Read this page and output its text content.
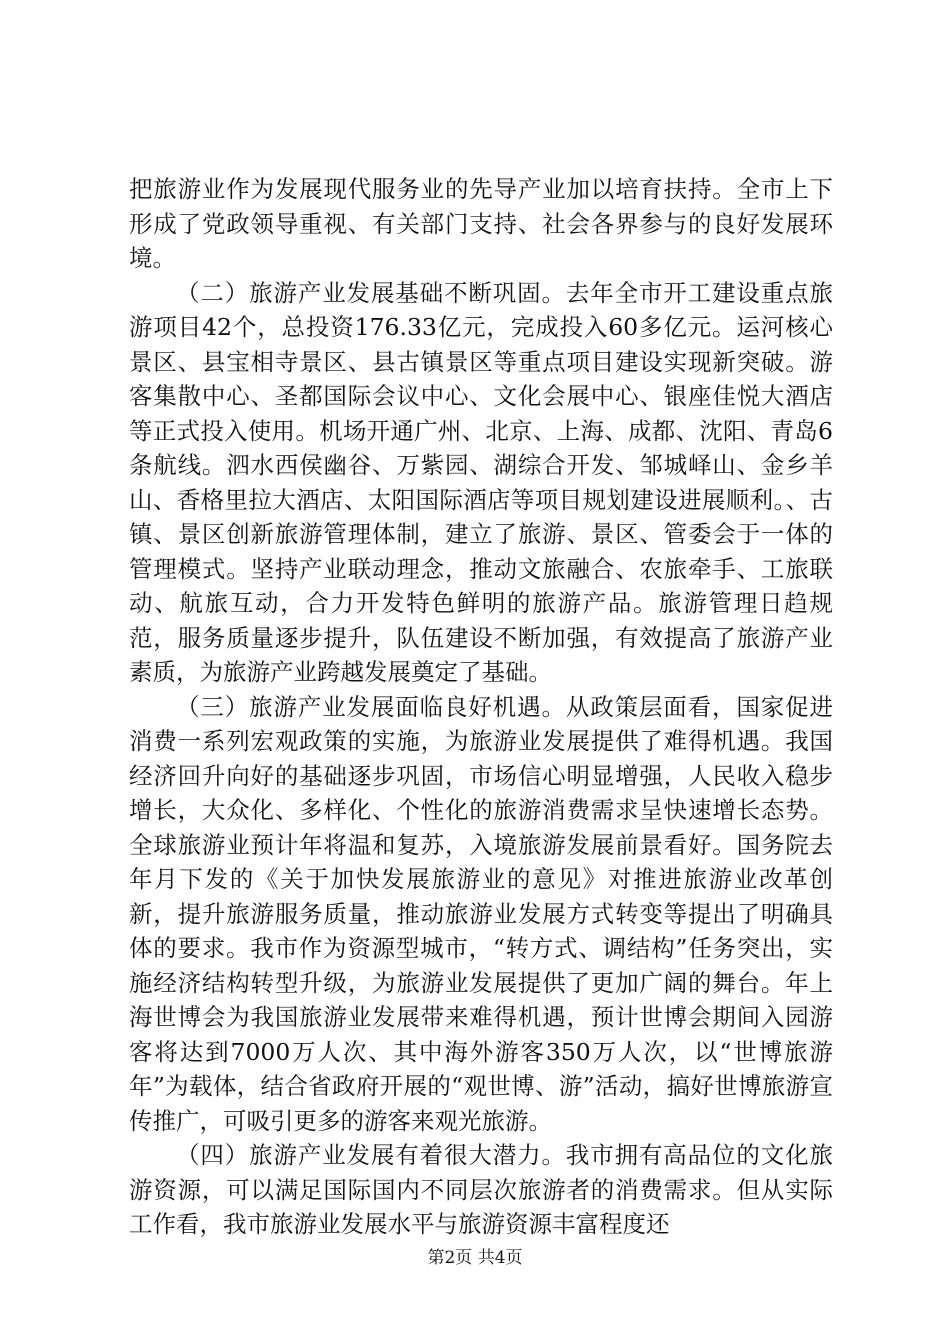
把旅游业作为发展现代服务业的先导产业加以培育扶持。全市上下形成了党政领导重视、有关部门支持、社会各界参与的良好发展环境。

（二）旅游产业发展基础不断巩固。去年全市开工建设重点旅游项目42个，总投资176.33亿元，完成投入60多亿元。运河核心景区、县宝相寺景区、县古镇景区等重点项目建设实现新突破。游客集散中心、圣都国际会议中心、文化会展中心、银座佳悦大酒店等正式投入使用。机场开通广州、北京、上海、成都、沈阳、青岛6条航线。泗水西侯幽谷、万紫园、湖综合开发、邹城峄山、金乡羊山、香格里拉大酒店、太阳国际酒店等项目规划建设进展顺利。、古镇、景区创新旅游管理体制，建立了旅游、景区、管委会于一体的管理模式。坚持产业联动理念，推动文旅融合、农旅牵手、工旅联动、航旅互动，合力开发特色鲜明的旅游产品。旅游管理日趋规范，服务质量逐步提升，队伍建设不断加强，有效提高了旅游产业素质，为旅游产业跨越发展奠定了基础。

（三）旅游产业发展面临良好机遇。从政策层面看，国家促进消费一系列宏观政策的实施，为旅游业发展提供了难得机遇。我国经济回升向好的基础逐步巩固，市场信心明显增强，人民收入稳步增长，大众化、多样化、个性化的旅游消费需求呈快速增长态势。全球旅游业预计年将温和复苏，入境旅游发展前景看好。国务院去年月下发的《关于加快发展旅游业的意见》对推进旅游业改革创新，提升旅游服务质量，推动旅游业发展方式转变等提出了明确具体的要求。我市作为资源型城市，“转方式、调结构”任务突出，实施经济结构转型升级，为旅游业发展提供了更加广阔的舞台。年上海世博会为我国旅游业发展带来难得机遇，预计世博会期间入园游客将达到7000万人次、其中海外游客350万人次，以“世博旅游年”为载体，结合省政府开展的“观世博、游”活动，搞好世博旅游宣传推广，可吸引更多的游客来观光旅游。

（四）旅游产业发展有着很大潜力。我市拥有高品位的文化旅游资源，可以满足国际国内不同层次旅游者的消费需求。但从实际工作看，我市旅游业发展水平与旅游资源丰富程度还

第2页 共4页
